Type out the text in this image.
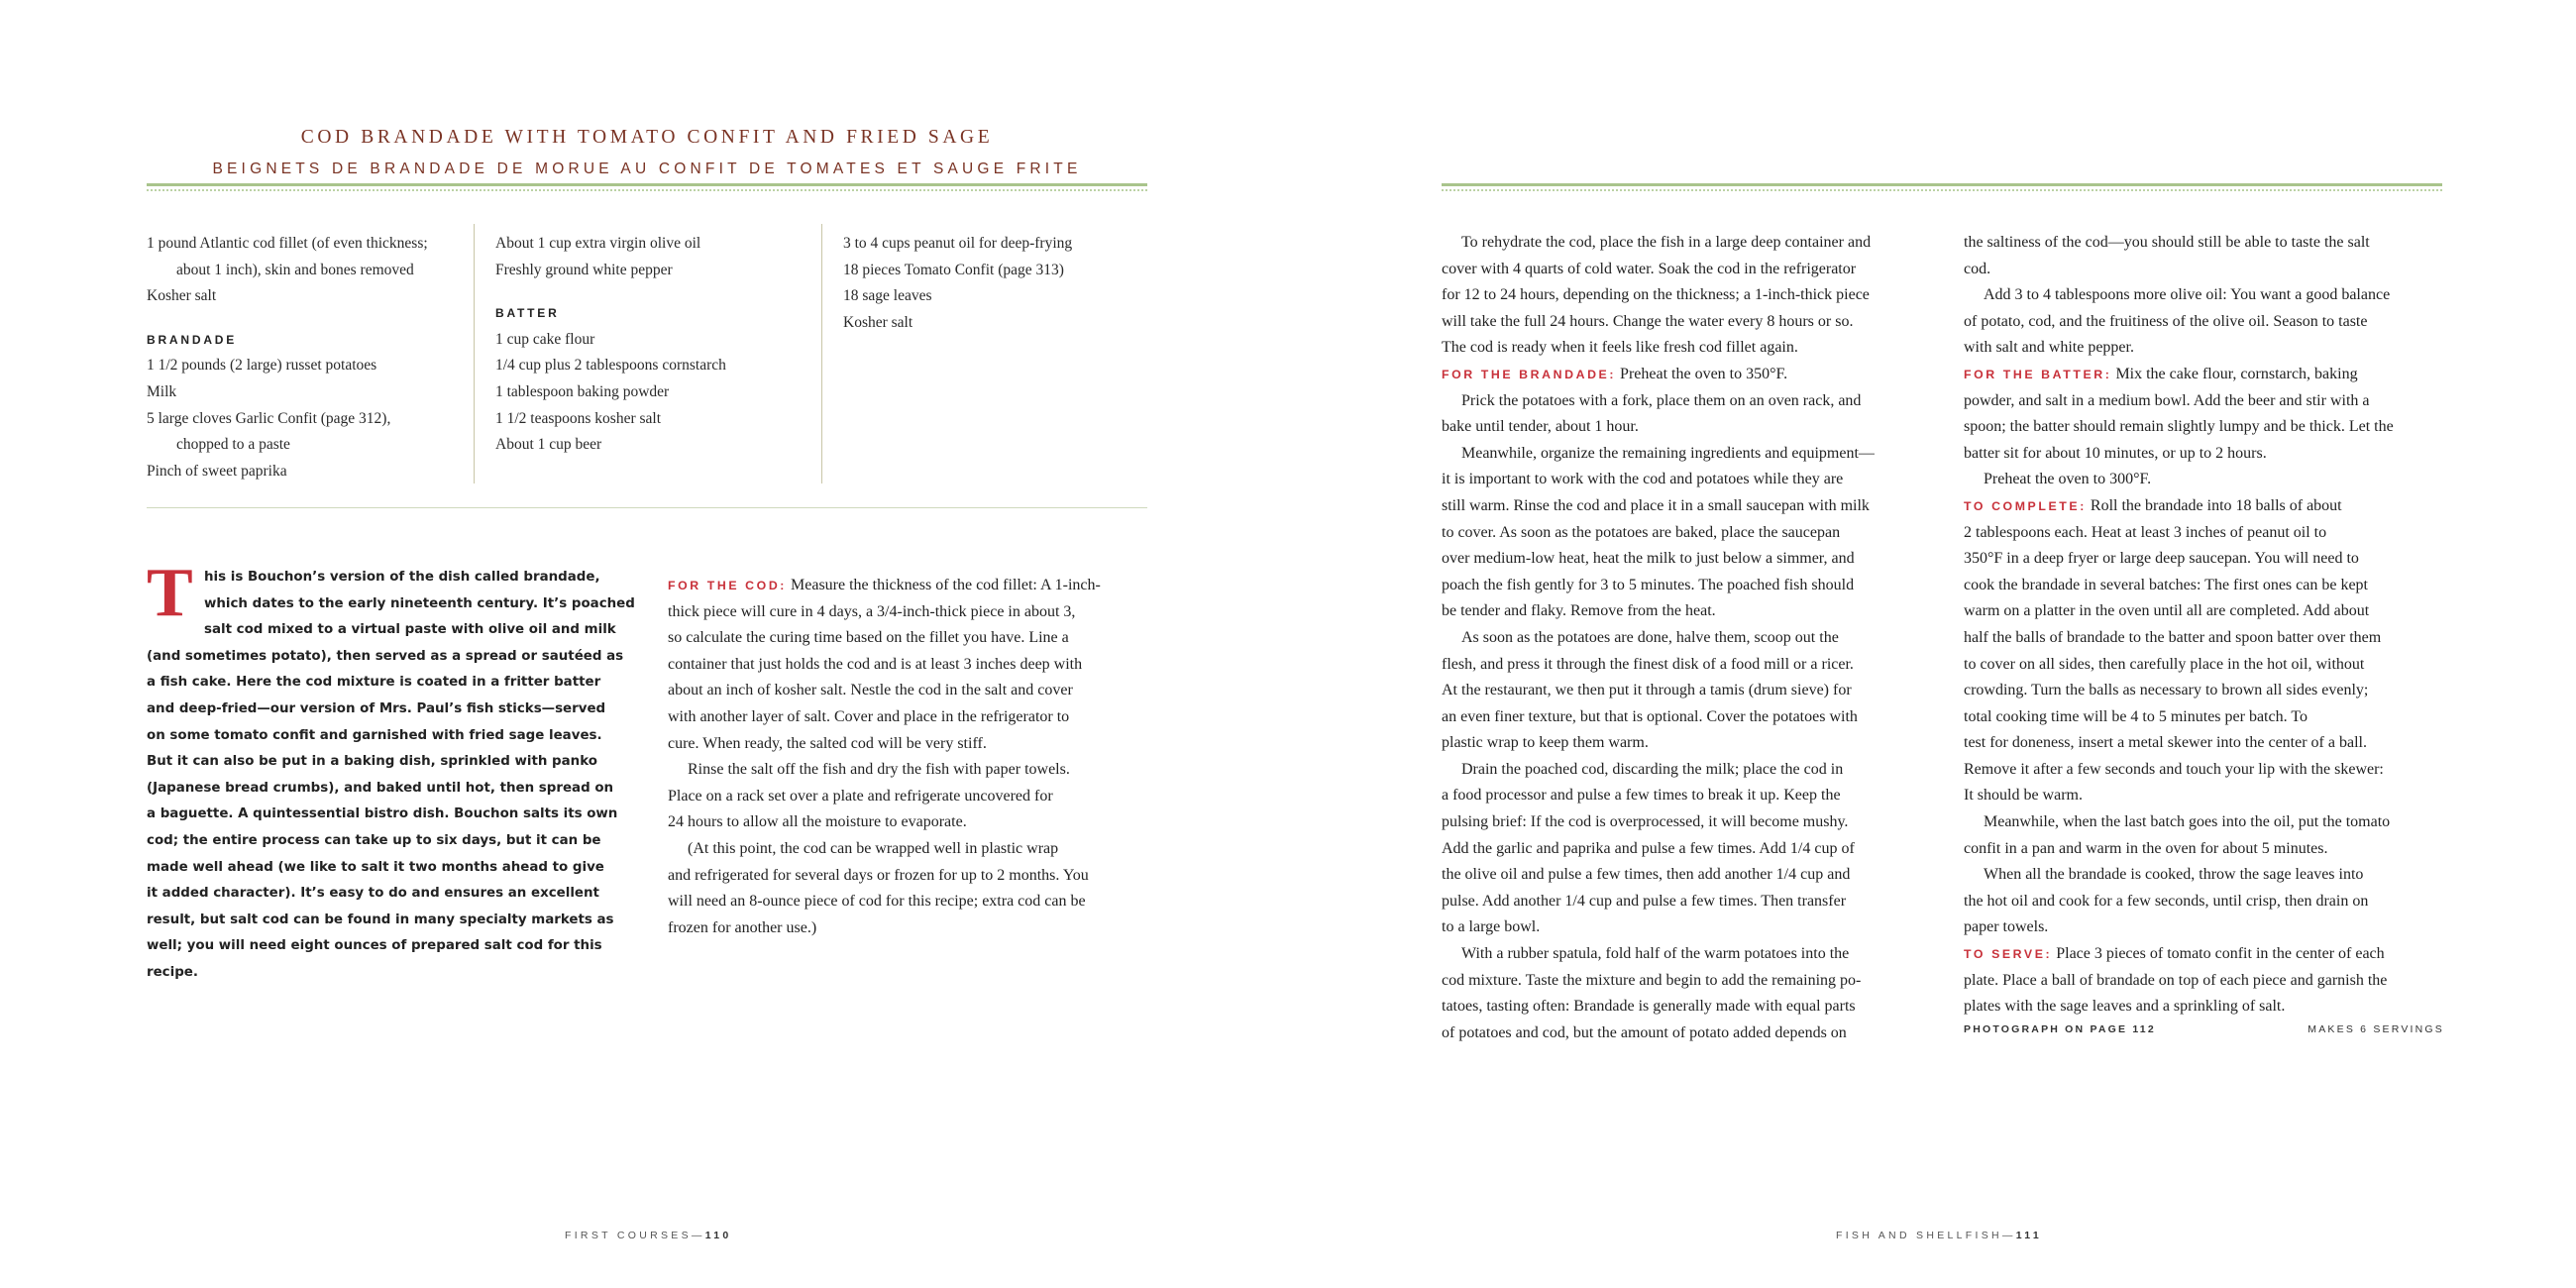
COD BRANDADE WITH TOMATO CONFIT AND FRIED SAGE
BEIGNETS DE BRANDADE DE MORUE AU CONFIT DE TOMATES ET SAUGE FRITE
1 pound Atlantic cod fillet (of even thickness;
about 1 inch), skin and bones removed
Kosher salt
BRANDADE
1 1/2 pounds (2 large) russet potatoes
Milk
5 large cloves Garlic Confit (page 312),
chopped to a paste
Pinch of sweet paprika
About 1 cup extra virgin olive oil
Freshly ground white pepper
BATTER
1 cup cake flour
1/4 cup plus 2 tablespoons cornstarch
1 tablespoon baking powder
1 1/2 teaspoons kosher salt
About 1 cup beer
3 to 4 cups peanut oil for deep-frying
18 pieces Tomato Confit (page 313)
18 sage leaves
Kosher salt
T his is Bouchon’s version of the dish called brandade,
which dates to the early nineteenth century. It’s poached
salt cod mixed to a virtual paste with olive oil and milk
(and sometimes potato), then served as a spread or sautéed as
a fish cake. Here the cod mixture is coated in a fritter batter
and deep-fried—our version of Mrs. Paul’s fish sticks—served
on some tomato confit and garnished with fried sage leaves.
But it can also be put in a baking dish, sprinkled with panko
(Japanese bread crumbs), and baked until hot, then spread on
a baguette. A quintessential bistro dish. Bouchon salts its own
cod; the entire process can take up to six days, but it can be
made well ahead (we like to salt it two months ahead to give
it added character). It’s easy to do and ensures an excellent
result, but salt cod can be found in many specialty markets as
well; you will need eight ounces of prepared salt cod for this
recipe.
FOR THE COD: Measure the thickness of the cod fillet: A 1-inch-
thick piece will cure in 4 days, a 3/4-inch-thick piece in about 3,
so calculate the curing time based on the fillet you have. Line a
container that just holds the cod and is at least 3 inches deep with
about an inch of kosher salt. Nestle the cod in the salt and cover
with another layer of salt. Cover and place in the refrigerator to
cure. When ready, the salted cod will be very stiff.
Rinse the salt off the fish and dry the fish with paper towels.
Place on a rack set over a plate and refrigerate uncovered for
24 hours to allow all the moisture to evaporate.
(At this point, the cod can be wrapped well in plastic wrap
and refrigerated for several days or frozen for up to 2 months. You
will need an 8-ounce piece of cod for this recipe; extra cod can be
frozen for another use.)
To rehydrate the cod, place the fish in a large deep container and
cover with 4 quarts of cold water. Soak the cod in the refrigerator
for 12 to 24 hours, depending on the thickness; a 1-inch-thick piece
will take the full 24 hours. Change the water every 8 hours or so.
The cod is ready when it feels like fresh cod fillet again.
FOR THE BRANDADE: Preheat the oven to 350°F.
Prick the potatoes with a fork, place them on an oven rack, and
bake until tender, about 1 hour.
Meanwhile, organize the remaining ingredients and equipment—
it is important to work with the cod and potatoes while they are
still warm. Rinse the cod and place it in a small saucepan with milk
to cover. As soon as the potatoes are baked, place the saucepan
over medium-low heat, heat the milk to just below a simmer, and
poach the fish gently for 3 to 5 minutes. The poached fish should
be tender and flaky. Remove from the heat.
As soon as the potatoes are done, halve them, scoop out the
flesh, and press it through the finest disk of a food mill or a ricer.
At the restaurant, we then put it through a tamis (drum sieve) for
an even finer texture, but that is optional. Cover the potatoes with
plastic wrap to keep them warm.
Drain the poached cod, discarding the milk; place the cod in
a food processor and pulse a few times to break it up. Keep the
pulsing brief: If the cod is overprocessed, it will become mushy.
Add the garlic and paprika and pulse a few times. Add 1/4 cup of
the olive oil and pulse a few times, then add another 1/4 cup and
pulse. Add another 1/4 cup and pulse a few times. Then transfer
to a large bowl.
With a rubber spatula, fold half of the warm potatoes into the
cod mixture. Taste the mixture and begin to add the remaining po-
tatoes, tasting often: Brandade is generally made with equal parts
of potatoes and cod, but the amount of potato added depends on
the saltiness of the cod—you should still be able to taste the salt
cod.
Add 3 to 4 tablespoons more olive oil: You want a good balance
of potato, cod, and the fruitiness of the olive oil. Season to taste
with salt and white pepper.
FOR THE BATTER: Mix the cake flour, cornstarch, baking
powder, and salt in a medium bowl. Add the beer and stir with a
spoon; the batter should remain slightly lumpy and be thick. Let the
batter sit for about 10 minutes, or up to 2 hours.
Preheat the oven to 300°F.
TO COMPLETE: Roll the brandade into 18 balls of about
2 tablespoons each. Heat at least 3 inches of peanut oil to
350°F in a deep fryer or large deep saucepan. You will need to
cook the brandade in several batches: The first ones can be kept
warm on a platter in the oven until all are completed. Add about
half the balls of brandade to the batter and spoon batter over them
to cover on all sides, then carefully place in the hot oil, without
crowding. Turn the balls as necessary to brown all sides evenly;
total cooking time will be 4 to 5 minutes per batch. To
test for doneness, insert a metal skewer into the center of a ball.
Remove it after a few seconds and touch your lip with the skewer:
It should be warm.
Meanwhile, when the last batch goes into the oil, put the tomato
confit in a pan and warm in the oven for about 5 minutes.
When all the brandade is cooked, throw the sage leaves into
the hot oil and cook for a few seconds, until crisp, then drain on
paper towels.
TO SERVE: Place 3 pieces of tomato confit in the center of each
plate. Place a ball of brandade on top of each piece and garnish the
plates with the sage leaves and a sprinkling of salt.
PHOTOGRAPH ON PAGE 112	MAKES 6 SERVINGS
FIRST COURSES—110	FISH AND SHELLFISH—111
